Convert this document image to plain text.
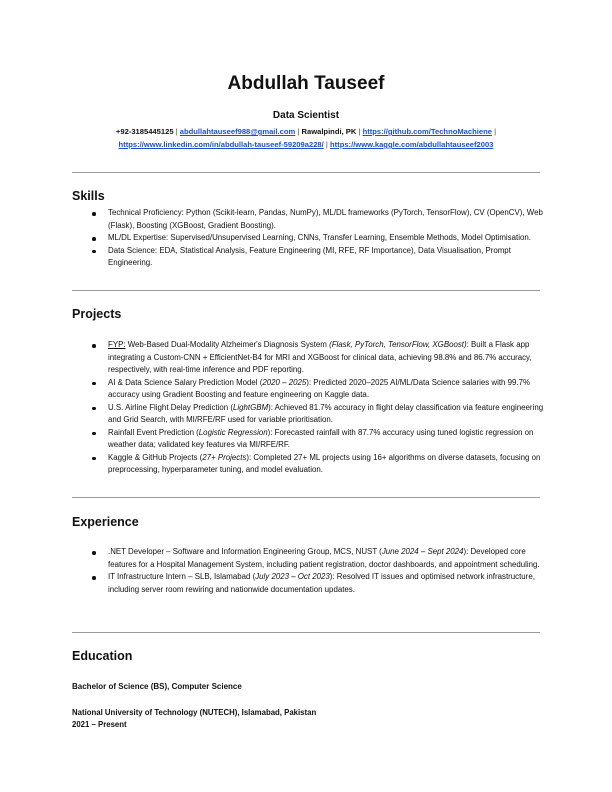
Abdullah Tauseef
Data Scientist
+92-3185445125 | abdullahtauseef988@gmail.com | Rawalpindi, PK | https://github.com/TechnoMachiene |
https://www.linkedin.com/in/abdullah-tauseef-59209a228/ | https://www.kaggle.com/abdullahtauseef2003
Skills
Technical Proficiency: Python (Scikit-learn, Pandas, NumPy), ML/DL frameworks (PyTorch, TensorFlow), CV (OpenCV), Web (Flask), Boosting (XGBoost, Gradient Boosting).
ML/DL Expertise: Supervised/Unsupervised Learning, CNNs, Transfer Learning, Ensemble Methods, Model Optimisation.
Data Science: EDA, Statistical Analysis, Feature Engineering (MI, RFE, RF Importance), Data Visualisation, Prompt Engineering.
Projects
FYP: Web-Based Dual-Modality Alzheimer's Diagnosis System (Flask, PyTorch, TensorFlow, XGBoost): Built a Flask app integrating a Custom-CNN + EfficientNet-B4 for MRI and XGBoost for clinical data, achieving 98.8% and 86.7% accuracy, respectively, with real-time inference and PDF reporting.
AI & Data Science Salary Prediction Model (2020 – 2025): Predicted 2020–2025 AI/ML/Data Science salaries with 99.7% accuracy using Gradient Boosting and feature engineering on Kaggle data.
U.S. Airline Flight Delay Prediction (LightGBM): Achieved 81.7% accuracy in flight delay classification via feature engineering and Grid Search, with MI/RFE/RF used for variable prioritisation.
Rainfall Event Prediction (Logistic Regression): Forecasted rainfall with 87.7% accuracy using tuned logistic regression on weather data; validated key features via MI/RFE/RF.
Kaggle & GitHub Projects (27+ Projects): Completed 27+ ML projects using 16+ algorithms on diverse datasets, focusing on preprocessing, hyperparameter tuning, and model evaluation.
Experience
.NET Developer – Software and Information Engineering Group, MCS, NUST (June 2024 – Sept 2024): Developed core features for a Hospital Management System, including patient registration, doctor dashboards, and appointment scheduling.
IT Infrastructure Intern – SLB, Islamabad (July 2023 – Oct 2023): Resolved IT issues and optimised network infrastructure, including server room rewiring and nationwide documentation updates.
Education
Bachelor of Science (BS), Computer Science
National University of Technology (NUTECH), Islamabad, Pakistan
2021 – Present
